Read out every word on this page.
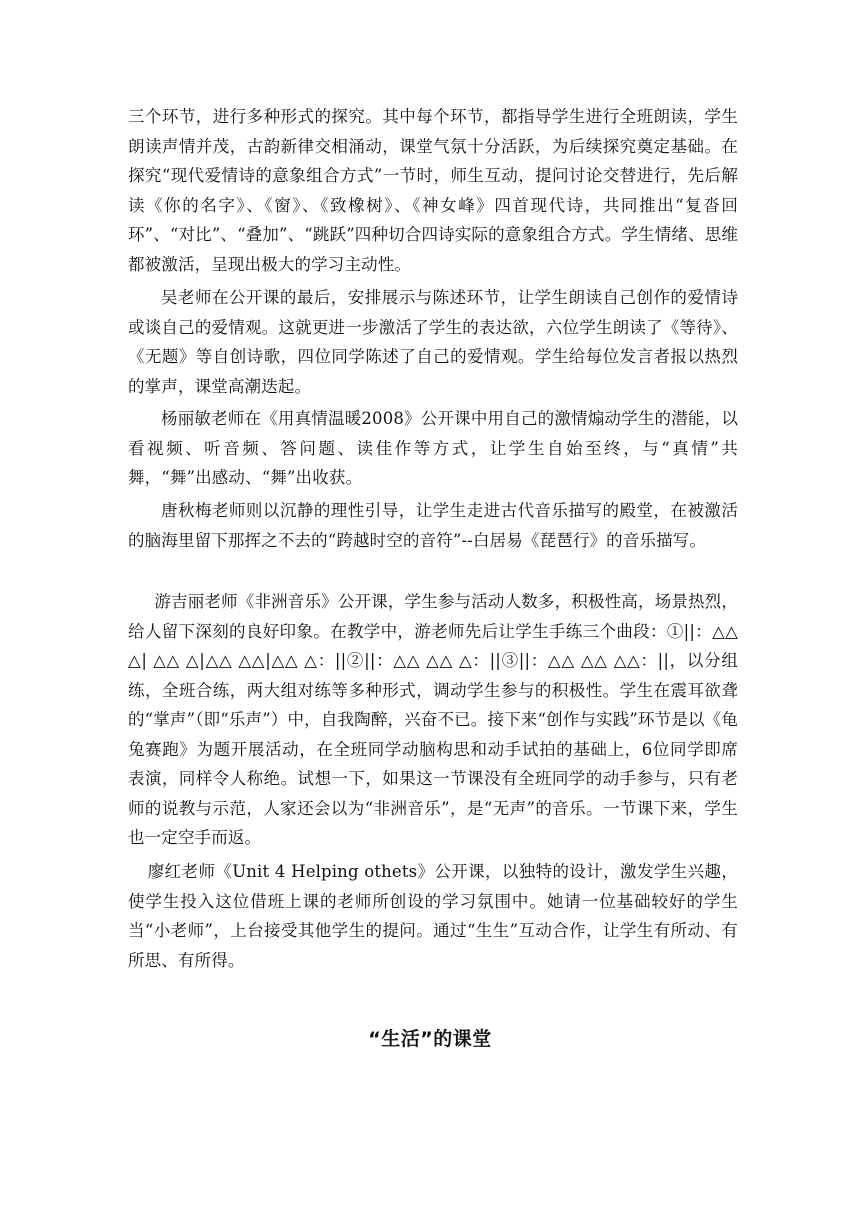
三个环节，进行多种形式的探究。其中每个环节，都指导学生进行全班朗读，学生朗读声情并茂，古韵新律交相涌动，课堂气氛十分活跃，为后续探究奠定基础。在探究“现代爱情诗的意象组合方式”一节时，师生互动，提问讨论交替进行，先后解读《你的名字》、《窗》、《致橡树》、《神女峰》四首现代诗，共同推出“复沓回环”、“对比”、“叠加”、“跳跃”四种切合四诗实际的意象组合方式。学生情绪、思维都被激活，呈现出极大的学习主动性。

吴老师在公开课的最后，安排展示与陈述环节，让学生朗读自己创作的爱情诗或谈自己的爱情观。这就更进一步激活了学生的表达欲，六位学生朗读了《等待》、《无题》等自创诗歌，四位同学陈述了自己的爱情观。学生给每位发言者报以热烈的掌声，课堂高潮迭起。

杨丽敏老师在《用真情温暖2008》公开课中用自己的激情煽动学生的潜能，以看视频、听音频、答问题、读佳作等方式，让学生自始至终，与“真情”共舞，“舞”出感动、“舞”出收获。

唐秋梅老师则以沉静的理性引导，让学生走进古代音乐描写的殿堂，在被激活的脑海里留下那挥之不去的“跨越时空的音符”--白居易《琵琶行》的音乐描写。

游吉丽老师《非洲音乐》公开课，学生参与活动人数多，积极性高，场景热烈，给人留下深刻的良好印象。在教学中，游老师先后让学生手练三个曲段：①||：△△ △| △△ △|△△ △△|△△ △：||②||：△△ △△ △：||③||：△△ △△ △△：||，以分组练，全班合练，两大组对练等多种形式，调动学生参与的积极性。学生在震耳欲聋的“掌声”（即“乐声”）中，自我陶醉，兴奋不已。接下来“创作与实践”环节是以《龟兔赛跑》为题开展活动，在全班同学动脑构思和动手试拍的基础上，6位同学即席表演，同样令人称绝。试想一下，如果这一节课没有全班同学的动手参与，只有老师的说教与示范，人家还会以为“非洲音乐”，是“无声”的音乐。一节课下来，学生也一定空手而返。

廖红老师《Unit 4 Helping othets》公开课，以独特的设计，激发学生兴趣，使学生投入这位借班上课的老师所创设的学习氛围中。她请一位基础较好的学生当“小老师”，上台接受其他学生的提问。通过“生生”互动合作，让学生有所动、有所思、有所得。

“生活”的课堂
